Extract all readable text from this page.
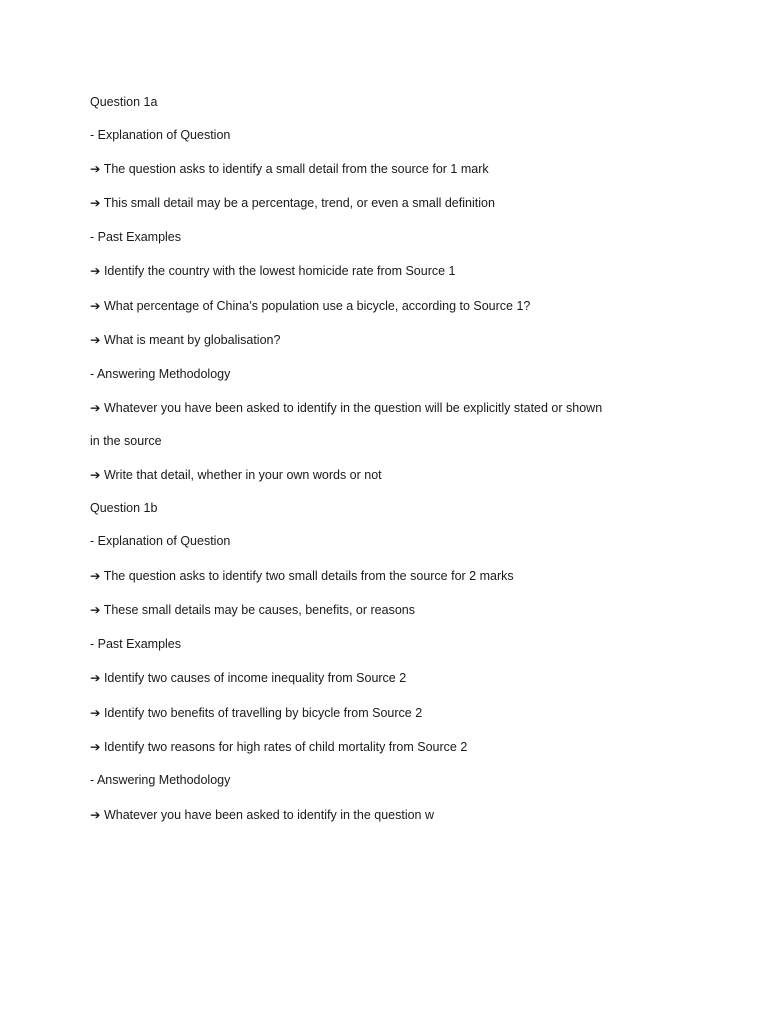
Question 1a
- Explanation of Question
➔ The question asks to identify a small detail from the source for 1 mark
➔ This small detail may be a percentage, trend, or even a small definition
- Past Examples
➔ Identify the country with the lowest homicide rate from Source 1
➔ What percentage of China’s population use a bicycle, according to Source 1?
➔ What is meant by globalisation?
- Answering Methodology
➔ Whatever you have been asked to identify in the question will be explicitly stated or shown
in the source
➔ Write that detail, whether in your own words or not
Question 1b
- Explanation of Question
➔ The question asks to identify two small details from the source for 2 marks
➔ These small details may be causes, benefits, or reasons
- Past Examples
➔ Identify two causes of income inequality from Source 2
➔ Identify two benefits of travelling by bicycle from Source 2
➔ Identify two reasons for high rates of child mortality from Source 2
- Answering Methodology
➔ Whatever you have been asked to identify in the question w
